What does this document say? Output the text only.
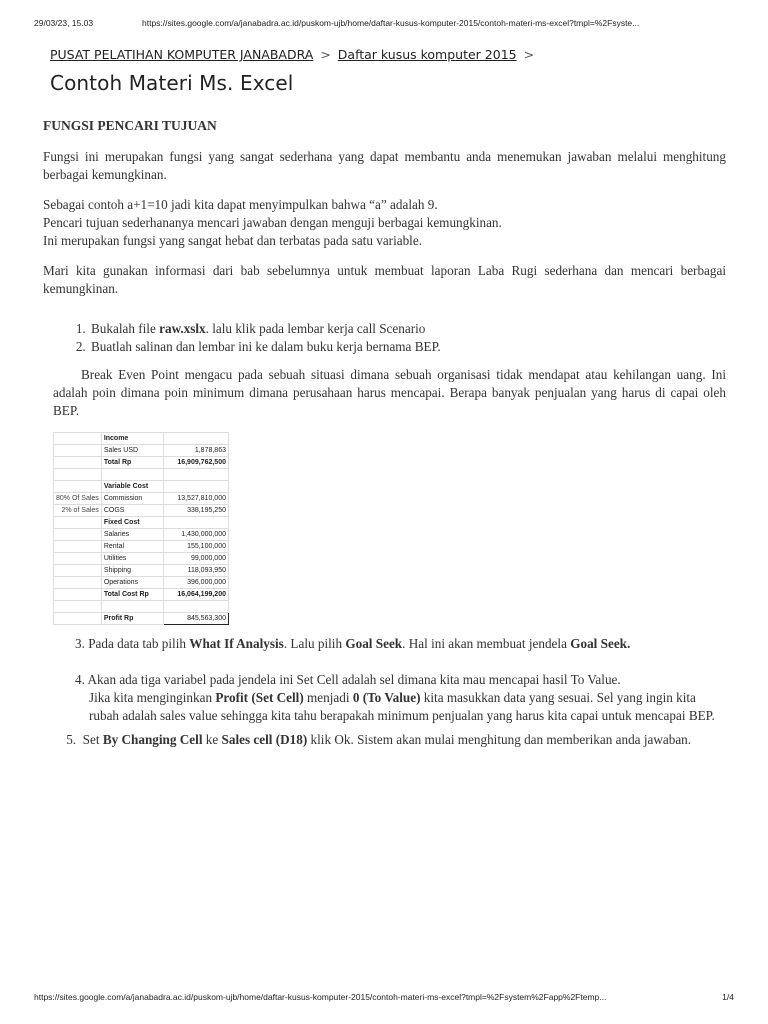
29/03/23, 15.03	https://sites.google.com/a/janabadra.ac.id/puskom-ujb/home/daftar-kusus-komputer-2015/contoh-materi-ms-excel?tmpl=%2Fsyste...
PUSAT PELATIHAN KOMPUTER JANABADRA > Daftar kusus komputer 2015 >
Contoh Materi Ms. Excel

FUNGSI PENCARI TUJUAN

Fungsi ini merupakan fungsi yang sangat sederhana yang dapat membantu anda menemukan jawaban melalui menghitung berbagai kemungkinan.

Sebagai contoh a+1=10 jadi kita dapat menyimpulkan bahwa “a” adalah 9.
Pencari tujuan sederhananya mencari jawaban dengan menguji berbagai kemungkinan.
Ini merupakan fungsi yang sangat hebat dan terbatas pada satu variable.

Mari kita gunakan informasi dari bab sebelumnya untuk membuat laporan Laba Rugi sederhana dan mencari berbagai kemungkinan.

1. Bukalah file raw.xslx. lalu klik pada lembar kerja call Scenario
2. Buatlah salinan dan lembar ini ke dalam buku kerja bernama BEP.

Break Even Point mengacu pada sebuah situasi dimana sebuah organisasi tidak mendapat atau kehilangan uang. Ini adalah poin dimana poin minimum dimana perusahaan harus mencapai. Berapa banyak penjualan yang harus di capai oleh BEP.

	Income	
	Sales USD	1,878,863
	Total Rp	16,909,762,500

	Variable Cost	
80% Of Sales	Commission	13,527,810,000
2% of Sales	COGS	338,195,250
	Fixed Cost	
	Salaries	1,430,000,000
	Rental	155,100,000
	Utilities	99,000,000
	Shipping	118,093,950
	Operations	396,000,000
	Total Cost Rp	16,064,199,200

	Profit Rp	845,563,300

3. Pada data tab pilih What If Analysis. Lalu pilih Goal Seek. Hal ini akan membuat jendela Goal Seek.

4. Akan ada tiga variabel pada jendela ini Set Cell adalah sel dimana kita mau mencapai hasil To Value.

Jika kita menginginkan Profit (Set Cell) menjadi 0 (To Value) kita masukkan data yang sesuai. Sel yang ingin kita rubah adalah sales value sehingga kita tahu berapakah minimum penjualan yang harus kita capai untuk mencapai BEP.

5. Set By Changing Cell ke Sales cell (D18) klik Ok. Sistem akan mulai menghitung dan memberikan anda jawaban.

https://sites.google.com/a/janabadra.ac.id/puskom-ujb/home/daftar-kusus-komputer-2015/contoh-materi-ms-excel?tmpl=%2Fsystem%2Fapp%2Ftemp...	1/4
